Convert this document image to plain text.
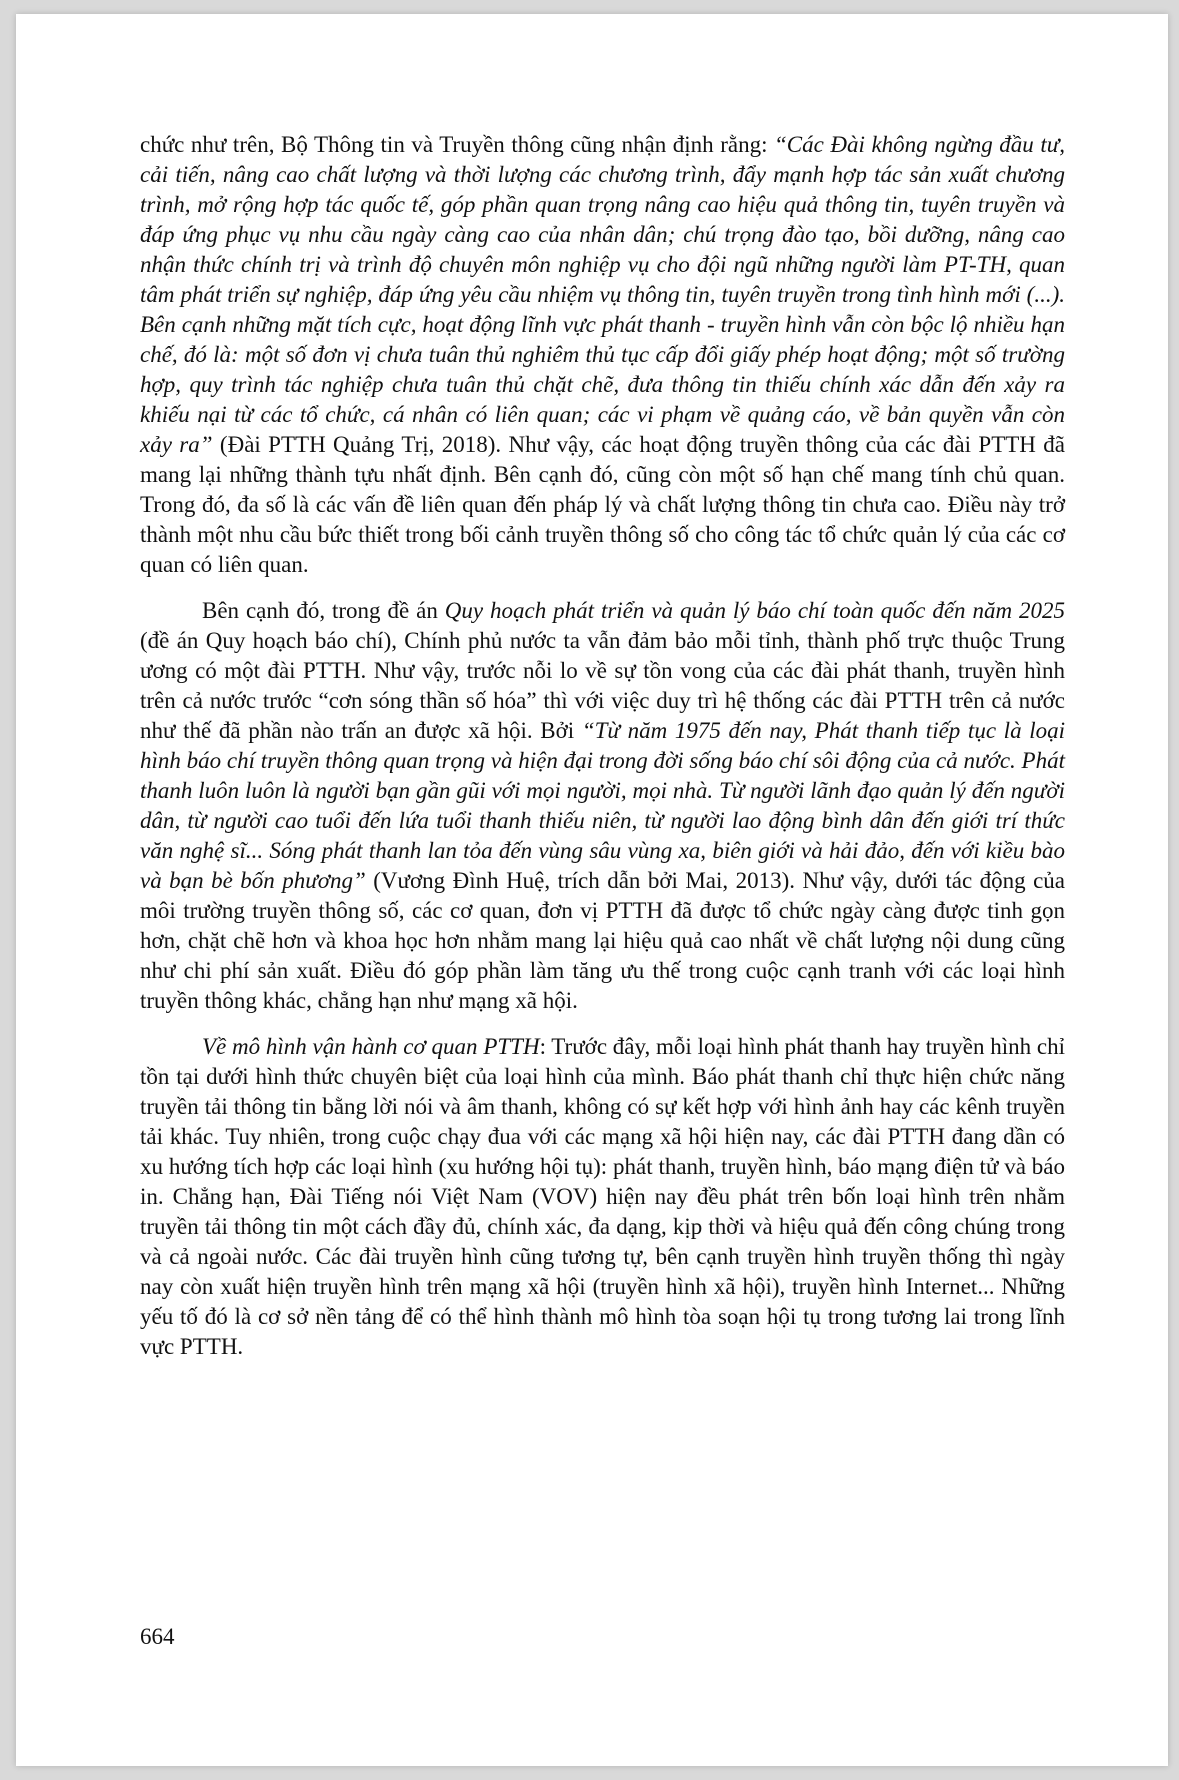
chức như trên, Bộ Thông tin và Truyền thông cũng nhận định rằng: “Các Đài không ngừng đầu tư, cải tiến, nâng cao chất lượng và thời lượng các chương trình, đẩy mạnh hợp tác sản xuất chương trình, mở rộng hợp tác quốc tế, góp phần quan trọng nâng cao hiệu quả thông tin, tuyên truyền và đáp ứng phục vụ nhu cầu ngày càng cao của nhân dân; chú trọng đào tạo, bồi dưỡng, nâng cao nhận thức chính trị và trình độ chuyên môn nghiệp vụ cho đội ngũ những người làm PT-TH, quan tâm phát triển sự nghiệp, đáp ứng yêu cầu nhiệm vụ thông tin, tuyên truyền trong tình hình mới (...). Bên cạnh những mặt tích cực, hoạt động lĩnh vực phát thanh - truyền hình vẫn còn bộc lộ nhiều hạn chế, đó là: một số đơn vị chưa tuân thủ nghiêm thủ tục cấp đổi giấy phép hoạt động; một số trường hợp, quy trình tác nghiệp chưa tuân thủ chặt chẽ, đưa thông tin thiếu chính xác dẫn đến xảy ra khiếu nại từ các tổ chức, cá nhân có liên quan; các vi phạm về quảng cáo, về bản quyền vẫn còn xảy ra” (Đài PTTH Quảng Trị, 2018). Như vậy, các hoạt động truyền thông của các đài PTTH đã mang lại những thành tựu nhất định. Bên cạnh đó, cũng còn một số hạn chế mang tính chủ quan. Trong đó, đa số là các vấn đề liên quan đến pháp lý và chất lượng thông tin chưa cao. Điều này trở thành một nhu cầu bức thiết trong bối cảnh truyền thông số cho công tác tổ chức quản lý của các cơ quan có liên quan.

Bên cạnh đó, trong đề án Quy hoạch phát triển và quản lý báo chí toàn quốc đến năm 2025 (đề án Quy hoạch báo chí), Chính phủ nước ta vẫn đảm bảo mỗi tỉnh, thành phố trực thuộc Trung ương có một đài PTTH. Như vậy, trước nỗi lo về sự tồn vong của các đài phát thanh, truyền hình trên cả nước trước “cơn sóng thần số hóa” thì với việc duy trì hệ thống các đài PTTH trên cả nước như thế đã phần nào trấn an được xã hội. Bởi “Từ năm 1975 đến nay, Phát thanh tiếp tục là loại hình báo chí truyền thông quan trọng và hiện đại trong đời sống báo chí sôi động của cả nước. Phát thanh luôn luôn là người bạn gần gũi với mọi người, mọi nhà. Từ người lãnh đạo quản lý đến người dân, từ người cao tuổi đến lứa tuổi thanh thiếu niên, từ người lao động bình dân đến giới trí thức văn nghệ sĩ... Sóng phát thanh lan tỏa đến vùng sâu vùng xa, biên giới và hải đảo, đến với kiều bào và bạn bè bốn phương” (Vương Đình Huệ, trích dẫn bởi Mai, 2013). Như vậy, dưới tác động của môi trường truyền thông số, các cơ quan, đơn vị PTTH đã được tổ chức ngày càng được tinh gọn hơn, chặt chẽ hơn và khoa học hơn nhằm mang lại hiệu quả cao nhất về chất lượng nội dung cũng như chi phí sản xuất. Điều đó góp phần làm tăng ưu thế trong cuộc cạnh tranh với các loại hình truyền thông khác, chẳng hạn như mạng xã hội.

Về mô hình vận hành cơ quan PTTH: Trước đây, mỗi loại hình phát thanh hay truyền hình chỉ tồn tại dưới hình thức chuyên biệt của loại hình của mình. Báo phát thanh chỉ thực hiện chức năng truyền tải thông tin bằng lời nói và âm thanh, không có sự kết hợp với hình ảnh hay các kênh truyền tải khác. Tuy nhiên, trong cuộc chạy đua với các mạng xã hội hiện nay, các đài PTTH đang dần có xu hướng tích hợp các loại hình (xu hướng hội tụ): phát thanh, truyền hình, báo mạng điện tử và báo in. Chẳng hạn, Đài Tiếng nói Việt Nam (VOV) hiện nay đều phát trên bốn loại hình trên nhằm truyền tải thông tin một cách đầy đủ, chính xác, đa dạng, kịp thời và hiệu quả đến công chúng trong và cả ngoài nước. Các đài truyền hình cũng tương tự, bên cạnh truyền hình truyền thống thì ngày nay còn xuất hiện truyền hình trên mạng xã hội (truyền hình xã hội), truyền hình Internet... Những yếu tố đó là cơ sở nền tảng để có thể hình thành mô hình tòa soạn hội tụ trong tương lai trong lĩnh vực PTTH.

664
